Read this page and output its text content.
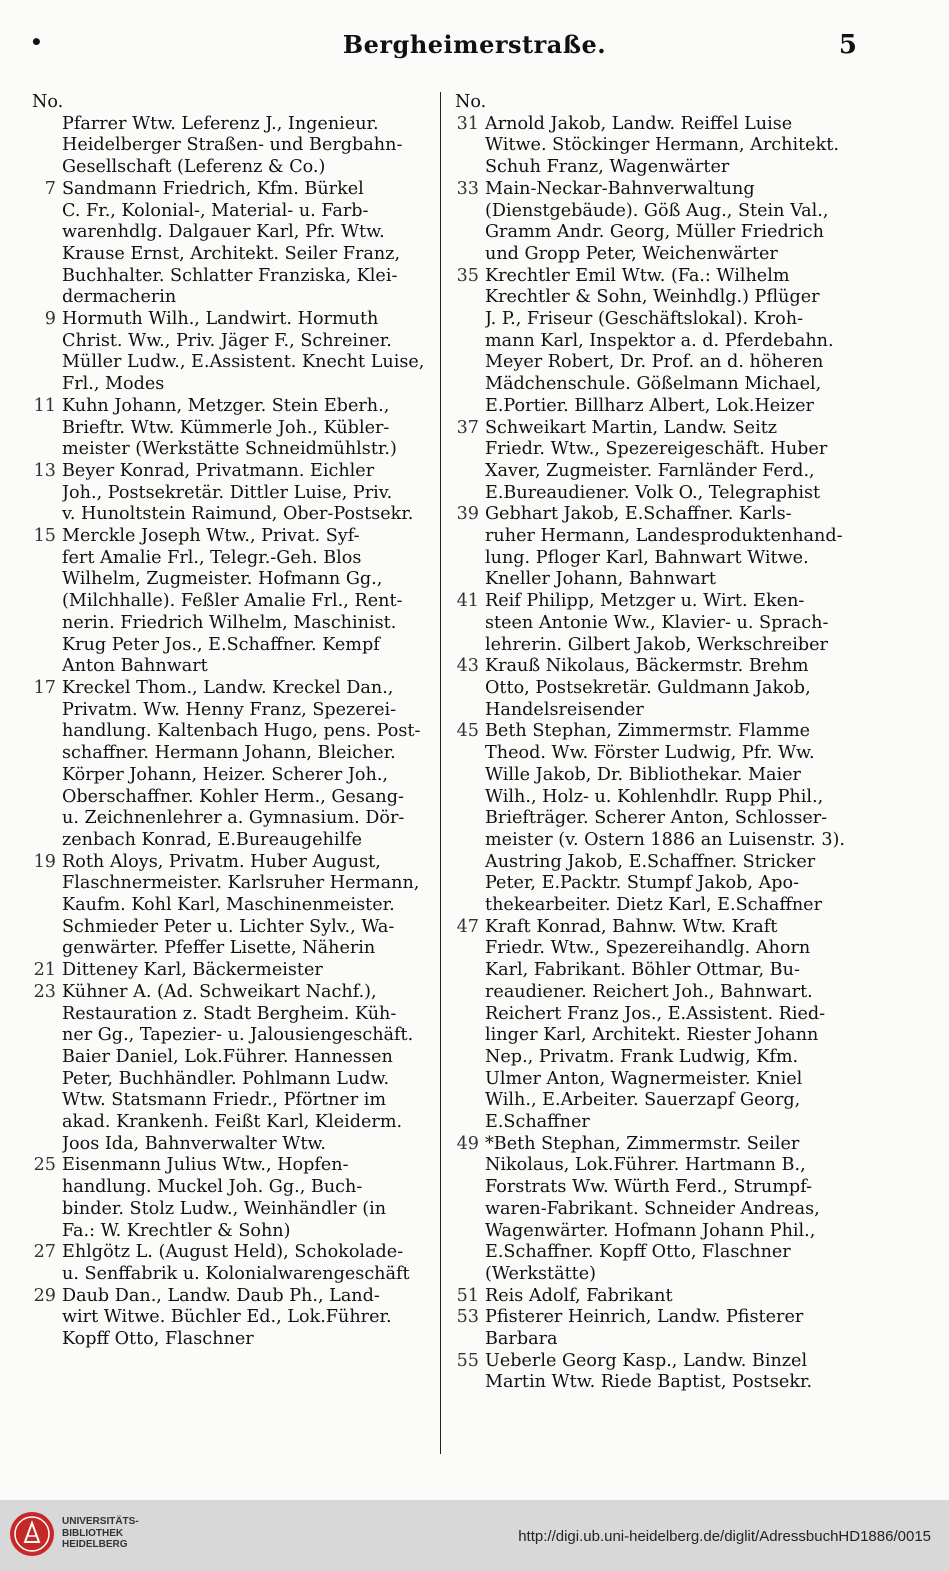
•	Bergheimerstraße.	5
No.
Pfarrer Wtw. Leferenz J., Ingenieur.
Heidelberger Straßen- und Bergbahn-
Gesellschaft (Leferenz & Co.)
7 Sandmann Friedrich, Kfm. Bürkel
C. Fr., Kolonial-, Material- u. Farb-
warenhdlg. Dalgauer Karl, Pfr. Wtw.
Krause Ernst, Architekt. Seiler Franz,
Buchhalter. Schlatter Franziska, Klei-
dermacherin
9 Hormuth Wilh., Landwirt. Hormuth
Christ. Ww., Priv. Jäger F., Schreiner.
Müller Ludw., E.Assistent. Knecht Luise,
Frl., Modes
11 Kuhn Johann, Metzger. Stein Eberh.,
Brieftr. Wtw. Kümmerle Joh., Kübler-
meister (Werkstätte Schneidmühlstr.)
13 Beyer Konrad, Privatmann. Eichler
Joh., Postsekretär. Dittler Luise, Priv.
v. Hunoltstein Raimund, Ober-Postsekr.
15 Merckle Joseph Wtw., Privat. Syf-
fert Amalie Frl., Telegr.-Geh. Blos
Wilhelm, Zugmeister. Hofmann Gg.,
(Milchhalle). Feßler Amalie Frl., Rent-
nerin. Friedrich Wilhelm, Maschinist.
Krug Peter Jos., E.Schaffner. Kempf
Anton Bahnwart
17 Kreckel Thom., Landw. Kreckel Dan.,
Privatm. Ww. Henny Franz, Spezerei-
handlung. Kaltenbach Hugo, pens. Post-
schaffner. Hermann Johann, Bleicher.
Körper Johann, Heizer. Scherer Joh.,
Oberschaffner. Kohler Herm., Gesang-
u. Zeichnenlehrer a. Gymnasium. Dör-
zenbach Konrad, E.Bureaugehilfe
19 Roth Aloys, Privatm. Huber August,
Flaschnermeister. Karlsruher Hermann,
Kaufm. Kohl Karl, Maschinenmeister.
Schmieder Peter u. Lichter Sylv., Wa-
genwärter. Pfeffer Lisette, Näherin
21 Ditteney Karl, Bäckermeister
23 Kühner A. (Ad. Schweikart Nachf.),
Restauration z. Stadt Bergheim. Küh-
ner Gg., Tapezier- u. Jalousiengeschäft.
Baier Daniel, Lok.Führer. Hannessen
Peter, Buchhändler. Pohlmann Ludw.
Wtw. Statsmann Friedr., Pförtner im
akad. Krankenh. Feißt Karl, Kleiderm.
Joos Ida, Bahnverwalter Wtw.
25 Eisenmann Julius Wtw., Hopfen-
handlung. Muckel Joh. Gg., Buch-
binder. Stolz Ludw., Weinhändler (in
Fa.: W. Krechtler & Sohn)
27 Ehlgötz L. (August Held), Schokolade-
u. Senffabrik u. Kolonialwarengeschäft
29 Daub Dan., Landw. Daub Ph., Land-
wirt Witwe. Büchler Ed., Lok.Führer.
Kopff Otto, Flaschner
No.
31 Arnold Jakob, Landw. Reiffel Luise
Witwe. Stöckinger Hermann, Architekt.
Schuh Franz, Wagenwärter
33 Main-Neckar-Bahnverwaltung
(Dienstgebäude). Göß Aug., Stein Val.,
Gramm Andr. Georg, Müller Friedrich
und Gropp Peter, Weichenwärter
35 Krechtler Emil Wtw. (Fa.: Wilhelm
Krechtler & Sohn, Weinhdlg.) Pflüger
J. P., Friseur (Geschäftslokal). Kroh-
mann Karl, Inspektor a. d. Pferdebahn.
Meyer Robert, Dr. Prof. an d. höheren
Mädchenschule. Gößelmann Michael,
E.Portier. Billharz Albert, Lok.Heizer
37 Schweikart Martin, Landw. Seitz
Friedr. Wtw., Spezereigeschäft. Huber
Xaver, Zugmeister. Farnländer Ferd.,
E.Bureaudiener. Volk O., Telegraphist
39 Gebhart Jakob, E.Schaffner. Karls-
ruher Hermann, Landesproduktenhand-
lung. Pfloger Karl, Bahnwart Witwe.
Kneller Johann, Bahnwart
41 Reif Philipp, Metzger u. Wirt. Eken-
steen Antonie Ww., Klavier- u. Sprach-
lehrerin. Gilbert Jakob, Werkschreiber
43 Krauß Nikolaus, Bäckermstr. Brehm
Otto, Postsekretär. Guldmann Jakob,
Handelsreisender
45 Beth Stephan, Zimmermstr. Flamme
Theod. Ww. Förster Ludwig, Pfr. Ww.
Wille Jakob, Dr. Bibliothekar. Maier
Wilh., Holz- u. Kohlenhdlr. Rupp Phil.,
Briefträger. Scherer Anton, Schlosser-
meister (v. Ostern 1886 an Luisenstr. 3).
Austring Jakob, E.Schaffner. Stricker
Peter, E.Packtr. Stumpf Jakob, Apo-
thekearbeiter. Dietz Karl, E.Schaffner
47 Kraft Konrad, Bahnw. Wtw. Kraft
Friedr. Wtw., Spezereihandlg. Ahorn
Karl, Fabrikant. Böhler Ottmar, Bu-
reaudiener. Reichert Joh., Bahnwart.
Reichert Franz Jos., E.Assistent. Ried-
linger Karl, Architekt. Riester Johann
Nep., Privatm. Frank Ludwig, Kfm.
Ulmer Anton, Wagnermeister. Kniel
Wilh., E.Arbeiter. Sauerzapf Georg,
E.Schaffner
49 *Beth Stephan, Zimmermstr. Seiler
Nikolaus, Lok.Führer. Hartmann B.,
Forstrats Ww. Würth Ferd., Strumpf-
waren-Fabrikant. Schneider Andreas,
Wagenwärter. Hofmann Johann Phil.,
E.Schaffner. Kopff Otto, Flaschner
(Werkstätte)
51 Reis Adolf, Fabrikant
53 Pfisterer Heinrich, Landw. Pfisterer
Barbara
55 Ueberle Georg Kasp., Landw. Binzel
Martin Wtw. Riede Baptist, Postsekr.
UNIVERSITÄTS-
BIBLIOTHEK
HEIDELBERG	http://digi.ub.uni-heidelberg.de/diglit/AdressbuchHD1886/0015
